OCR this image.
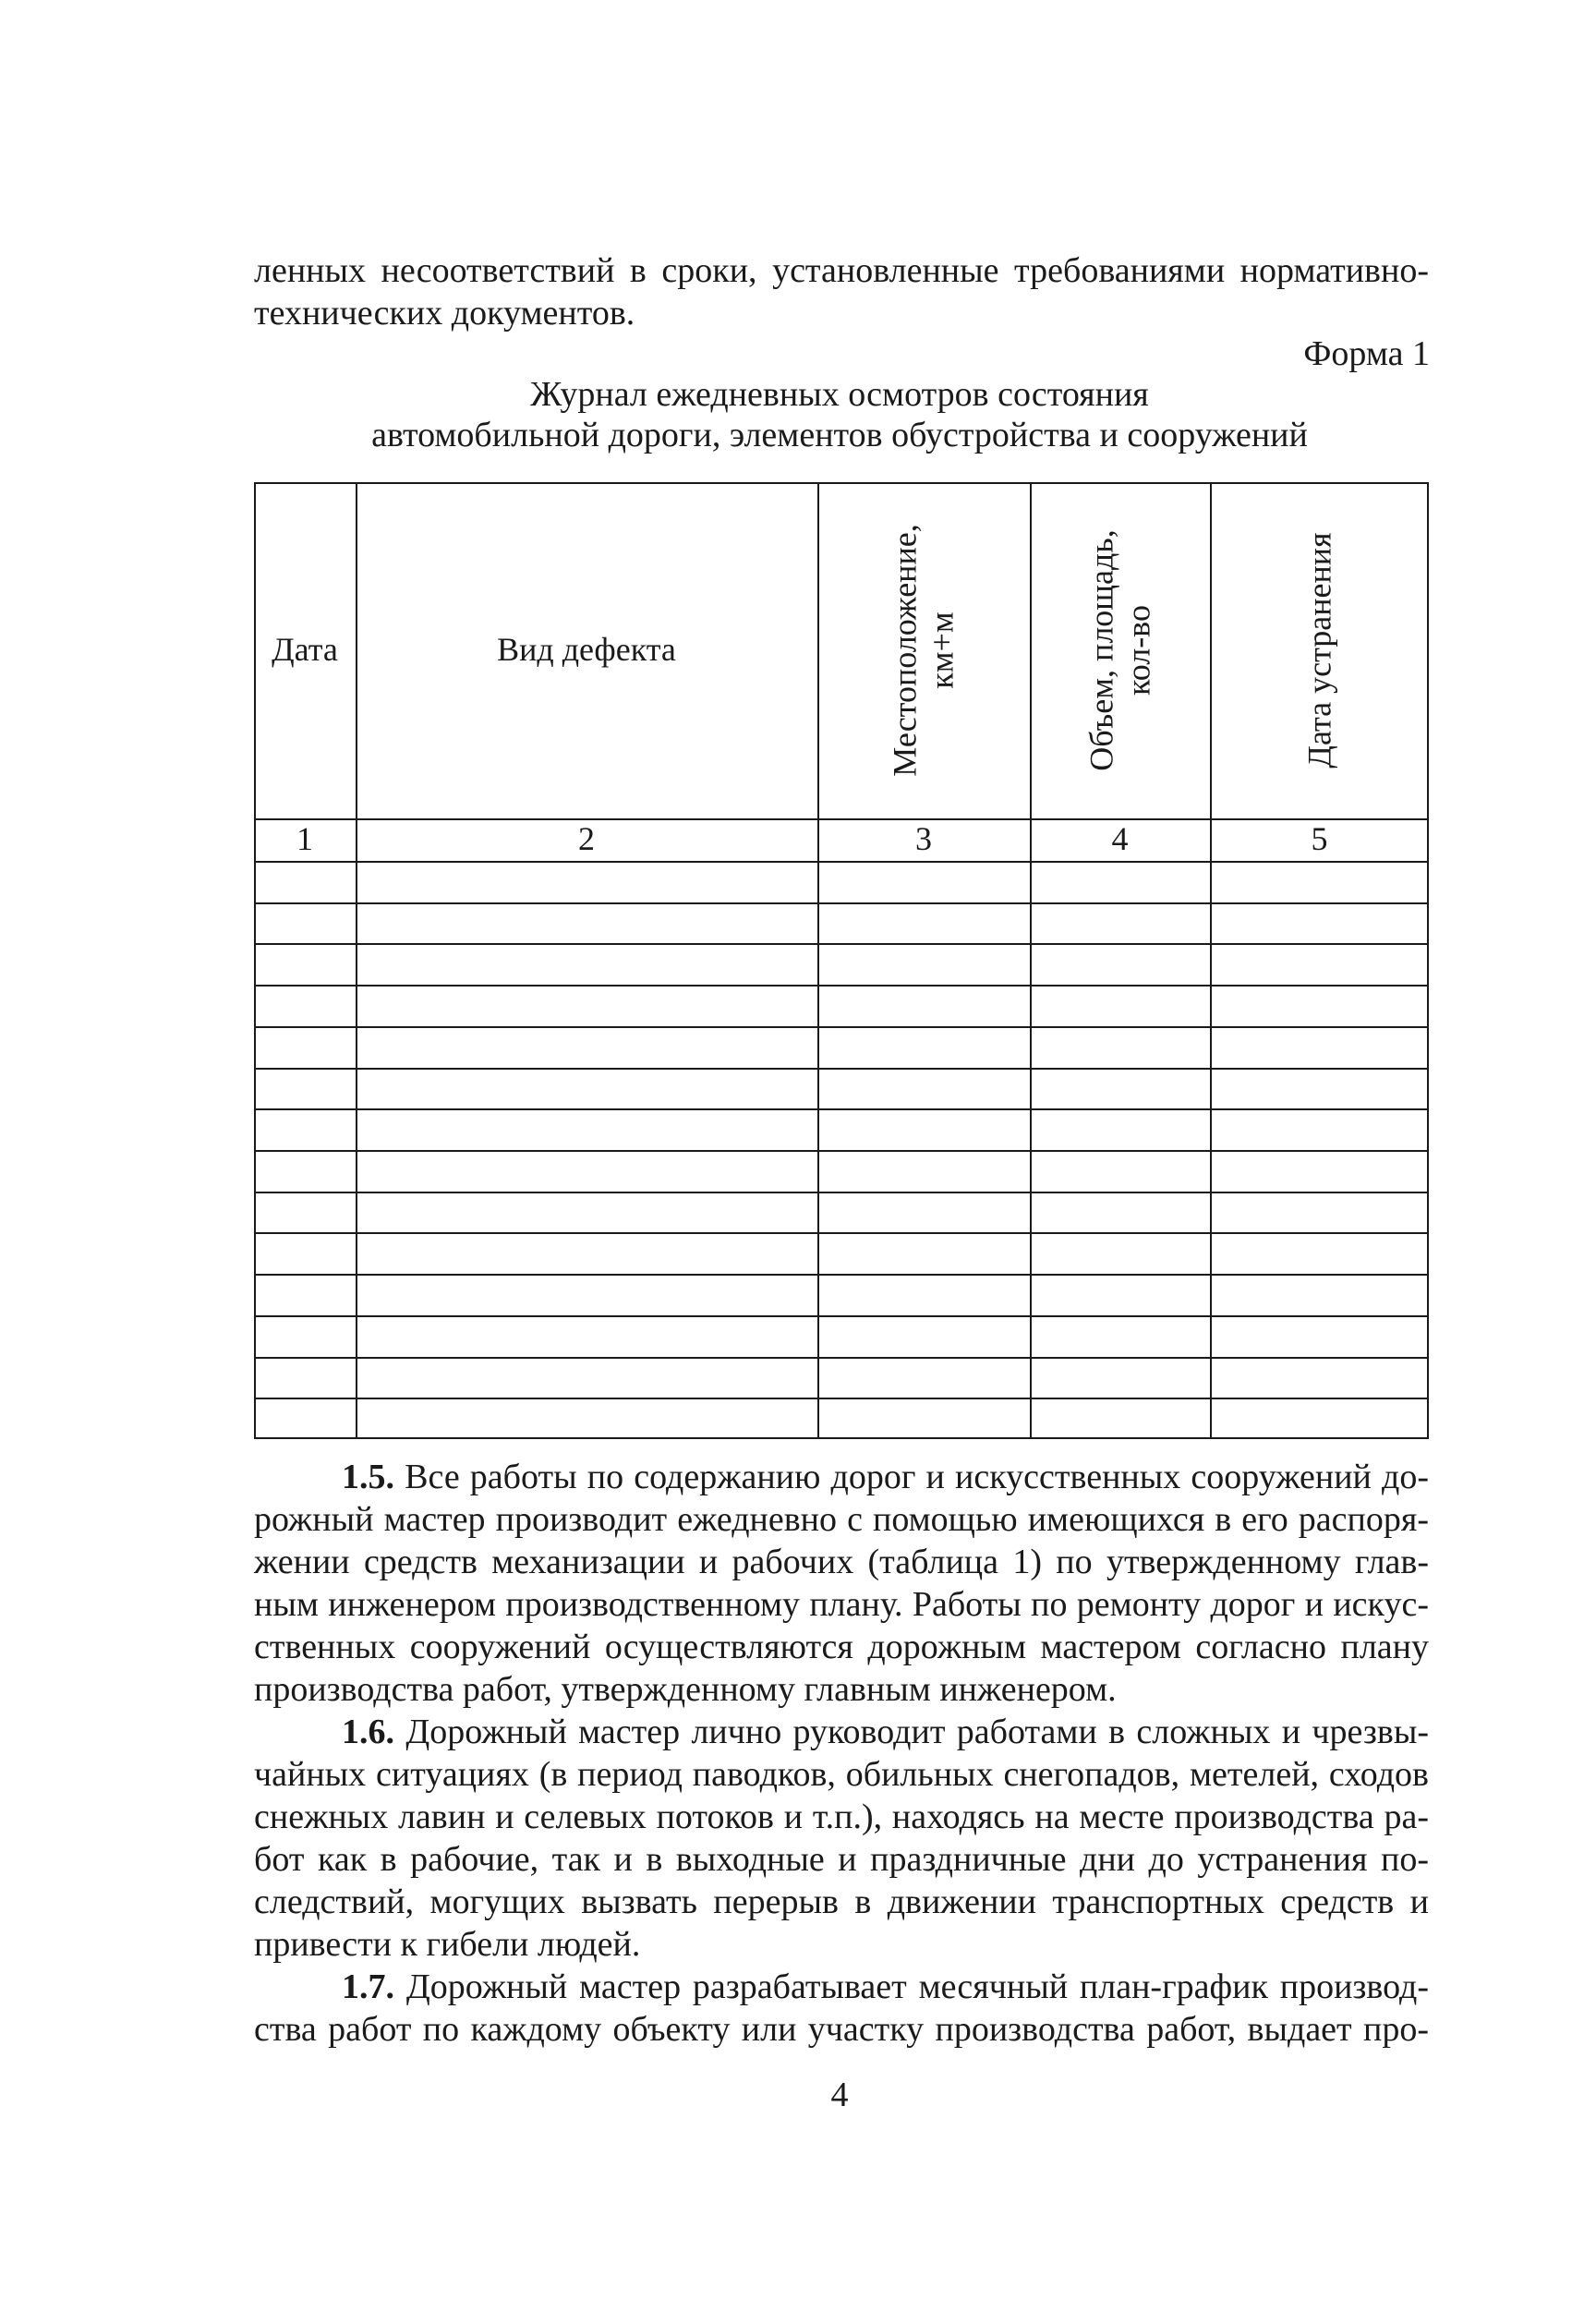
ленных несоответствий в сроки, установленные требованиями нормативно-
технических документов.
Форма 1
Журнал ежедневных осмотров состояния
автомобильной дороги, элементов обустройства и сооружений
Дата	Вид дефекта	Местоположение, км+м	Объем, площадь, кол-во	Дата устранения
1	2	3	4	5
1.5. Все работы по содержанию дорог и искусственных сооружений до-
рожный мастер производит ежедневно с помощью имеющихся в его распоря-
жении средств механизации и рабочих (таблица 1) по утвержденному глав-
ным инженером производственному плану. Работы по ремонту дорог и искус-
ственных сооружений осуществляются дорожным мастером согласно плану
производства работ, утвержденному главным инженером.
1.6. Дорожный мастер лично руководит работами в сложных и чрезвы-
чайных ситуациях (в период паводков, обильных снегопадов, метелей, сходов
снежных лавин и селевых потоков и т.п.), находясь на месте производства ра-
бот как в рабочие, так и в выходные и праздничные дни до устранения по-
следствий, могущих вызвать перерыв в движении транспортных средств и
привести к гибели людей.
1.7. Дорожный мастер разрабатывает месячный план-график производ-
ства работ по каждому объекту или участку производства работ, выдает про-
4
